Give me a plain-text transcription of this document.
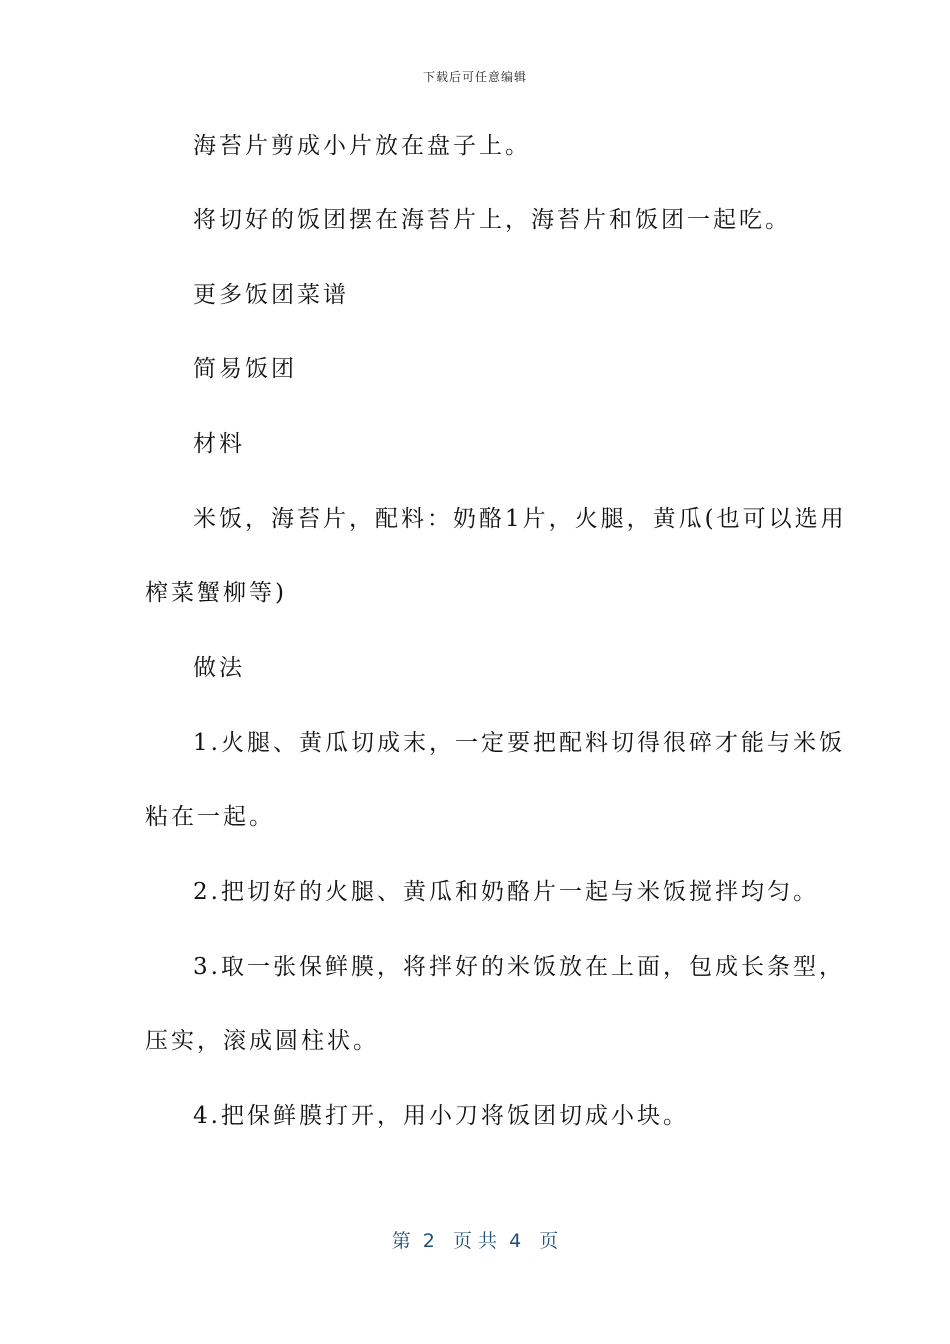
下载后可任意编辑
海苔片剪成小片放在盘子上。
将切好的饭团摆在海苔片上，海苔片和饭团一起吃。
更多饭团菜谱
简易饭团
材料
米饭，海苔片，配料：奶酪1片，火腿，黄瓜(也可以选用
榨菜蟹柳等)
做法
1.火腿、黄瓜切成末，一定要把配料切得很碎才能与米饭
粘在一起。
2.把切好的火腿、黄瓜和奶酪片一起与米饭搅拌均匀。
3.取一张保鲜膜，将拌好的米饭放在上面，包成长条型，
压实，滚成圆柱状。
4.把保鲜膜打开，用小刀将饭团切成小块。
第  2   页 共  4   页
